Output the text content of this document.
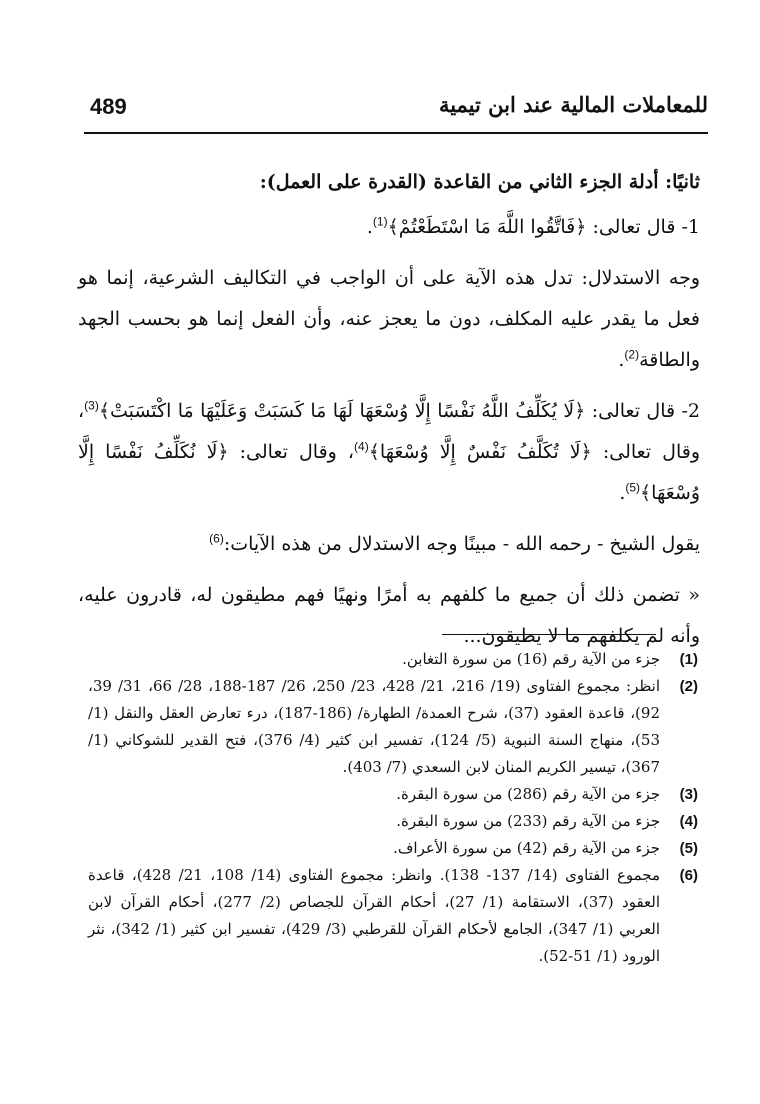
489	للمعاملات المالية عند ابن تيمية

ثانيًا: أدلة الجزء الثاني من القاعدة (القدرة على العمل):

1- قال تعالى: ﴿فَاتَّقُوا اللَّهَ مَا اسْتَطَعْتُمْ﴾$^{(1)}$.

وجه الاستدلال: تدل هذه الآية على أن الواجب في التكاليف الشرعية، إنما هو فعل ما يقدر عليه المكلف، دون ما يعجز عنه، وأن الفعل إنما هو بحسب الجهد والطاقة$^{(2)}$.

2- قال تعالى: ﴿لَا يُكَلِّفُ اللَّهُ نَفْسًا إِلَّا وُسْعَهَا لَهَا مَا كَسَبَتْ وَعَلَيْهَا مَا اكْتَسَبَتْ﴾$^{(3)}$، وقال تعالى: ﴿لَا تُكَلَّفُ نَفْسٌ إِلَّا وُسْعَهَا﴾$^{(4)}$، وقال تعالى: ﴿لَا نُكَلِّفُ نَفْسًا إِلَّا وُسْعَهَا﴾$^{(5)}$.

يقول الشيخ - رحمه الله - مبينًا وجه الاستدلال من هذه الآيات:$^{(6)}$

« تضمن ذلك أن جميع ما كلفهم به أمرًا ونهيًا فهم مطيقون له، قادرون عليه، وأنه لم يكلفهم ما لا يطيقون...

(1)
جزء من الآية رقم (16) من سورة التغابن.
(2)
انظر: مجموع الفتاوى (19/ 216، 21/ 428، 23/ 250، 26/ 187-188، 28/ 66، 31/ 39، 92)، قاعدة العقود (37)، شرح العمدة/ الطهارة/ (186-187)، درء تعارض العقل والنقل (1/ 53)، منهاج السنة النبوية (5/ 124)، تفسير ابن كثير (4/ 376)، فتح القدير للشوكاني (1/ 367)، تيسير الكريم المنان لابن السعدي (7/ 403).
(3)
جزء من الآية رقم (286) من سورة البقرة.
(4)
جزء من الآية رقم (233) من سورة البقرة.
(5)
جزء من الآية رقم (42) من سورة الأعراف.
(6)
مجموع الفتاوى (14/ 137- 138). وانظر: مجموع الفتاوى (14/ 108، 21/ 428)، قاعدة العقود (37)، الاستقامة (1/ 27)، أحكام القرآن للجصاص (2/ 277)، أحكام القرآن لابن العربي (1/ 347)، الجامع لأحكام القرآن للقرطبي (3/ 429)، تفسير ابن كثير (1/ 342)، نثر الورود (1/ 51-52).
